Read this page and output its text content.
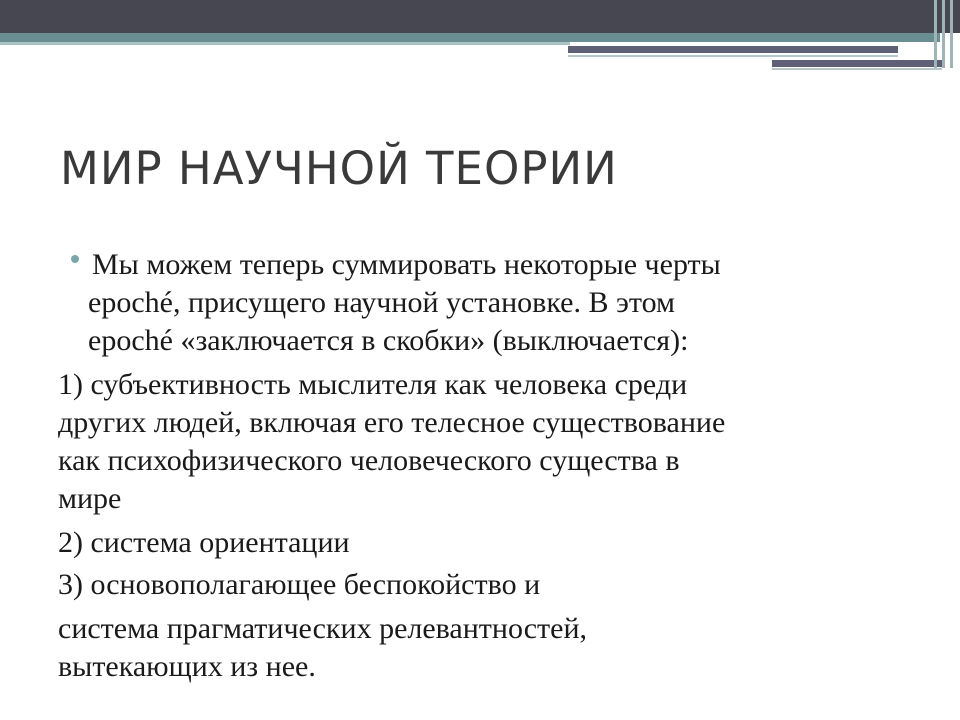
МИР НАУЧНОЙ ТЕОРИИ
Мы можем теперь суммировать некоторые черты
epoché, присущего научной установке. В этом
epoché «заключается в скобки» (выключается):
1) субъективность мыслителя как человека среди
других людей, включая его телесное существование
как психофизического человеческого существа в
мире
2) система ориентации
3) основополагающее беспокойство и
система прагматических релевантностей,
вытекающих из нее.
